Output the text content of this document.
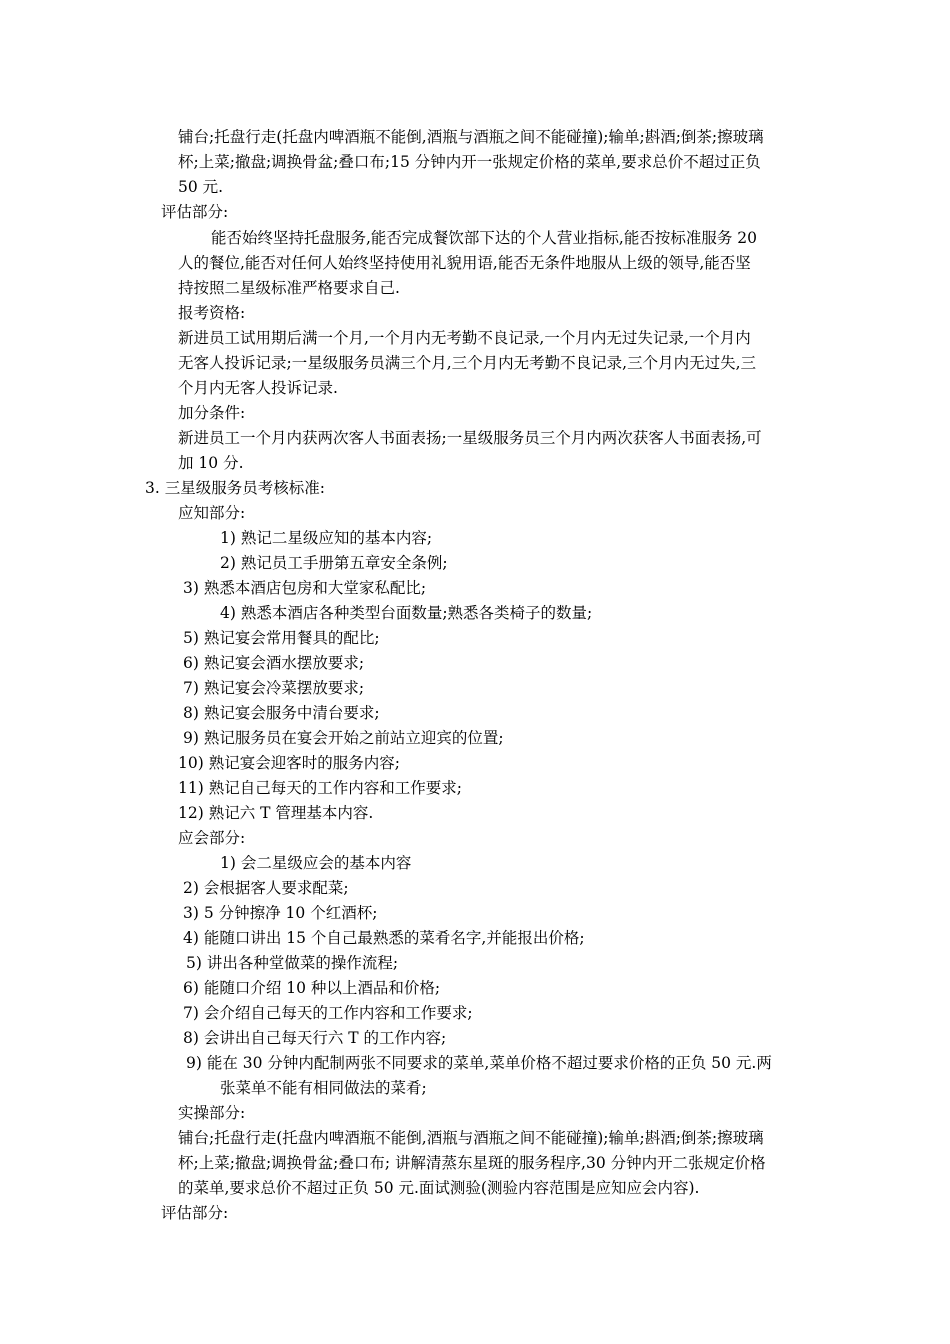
铺台;托盘行走(托盘内啤酒瓶不能倒,酒瓶与酒瓶之间不能碰撞);输单;斟酒;倒茶;擦玻璃
杯;上菜;撤盘;调换骨盆;叠口布;15 分钟内开一张规定价格的菜单,要求总价不超过正负
50 元.
评估部分:
能否始终坚持托盘服务,能否完成餐饮部下达的个人营业指标,能否按标准服务 20
人的餐位,能否对任何人始终坚持使用礼貌用语,能否无条件地服从上级的领导,能否坚
持按照二星级标准严格要求自己.
报考资格:
新进员工试用期后满一个月,一个月内无考勤不良记录,一个月内无过失记录,一个月内
无客人投诉记录;一星级服务员满三个月,三个月内无考勤不良记录,三个月内无过失,三
个月内无客人投诉记录.
加分条件:
新进员工一个月内获两次客人书面表扬;一星级服务员三个月内两次获客人书面表扬,可
加 10 分.
3. 三星级服务员考核标准:
应知部分:
1) 熟记二星级应知的基本内容;
2) 熟记员工手册第五章安全条例;
3) 熟悉本酒店包房和大堂家私配比;
4) 熟悉本酒店各种类型台面数量;熟悉各类椅子的数量;
5) 熟记宴会常用餐具的配比;
6) 熟记宴会酒水摆放要求;
7) 熟记宴会冷菜摆放要求;
8) 熟记宴会服务中清台要求;
9) 熟记服务员在宴会开始之前站立迎宾的位置;
10) 熟记宴会迎客时的服务内容;
11) 熟记自己每天的工作内容和工作要求;
12) 熟记六 T 管理基本内容.
应会部分:
1) 会二星级应会的基本内容
2) 会根据客人要求配菜;
3) 5 分钟擦净 10 个红酒杯;
4) 能随口讲出 15 个自己最熟悉的菜肴名字,并能报出价格;
5) 讲出各种堂做菜的操作流程;
6) 能随口介绍 10 种以上酒品和价格;
7) 会介绍自己每天的工作内容和工作要求;
8) 会讲出自己每天行六 T 的工作内容;
9) 能在 30 分钟内配制两张不同要求的菜单,菜单价格不超过要求价格的正负 50 元.两
张菜单不能有相同做法的菜肴;
实操部分:
铺台;托盘行走(托盘内啤酒瓶不能倒,酒瓶与酒瓶之间不能碰撞);输单;斟酒;倒茶;擦玻璃
杯;上菜;撤盘;调换骨盆;叠口布; 讲解清蒸东星斑的服务程序,30 分钟内开二张规定价格
的菜单,要求总价不超过正负 50 元.面试测验(测验内容范围是应知应会内容).
评估部分:
